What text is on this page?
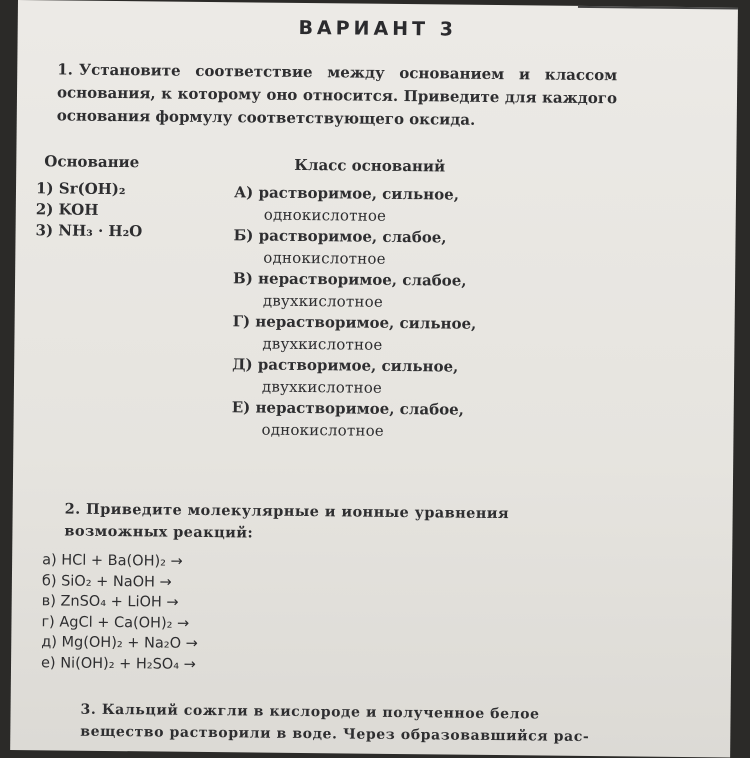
ВАРИАНТ 3
1. Установите соответствие между основанием и классом основания, к которому оно относится. Приведите для каждого основания формулу соответствующего оксида.
Основание	Класс оснований
1) Sr(OH)₂
2) KOH
3) NH₃ · H₂O
А) растворимое, сильное,
однокислотное
Б) растворимое, слабое,
однокислотное
В) нерастворимое, слабое,
двухкислотное
Г) нерастворимое, сильное,
двухкислотное
Д) растворимое, сильное,
двухкислотное
Е) нерастворимое, слабое,
однокислотное
2. Приведите молекулярные и ионные уравнения возможных реакций:
а) HCl + Ba(OH)₂ →
б) SiO₂ + NaOH →
в) ZnSO₄ + LiOH →
г) AgCl + Ca(OH)₂ →
д) Mg(OH)₂ + Na₂O →
е) Ni(OH)₂ + H₂SO₄ →
3. Кальций сожгли в кислороде и полученное белое вещество растворили в воде. Через образовавшийся рас-
